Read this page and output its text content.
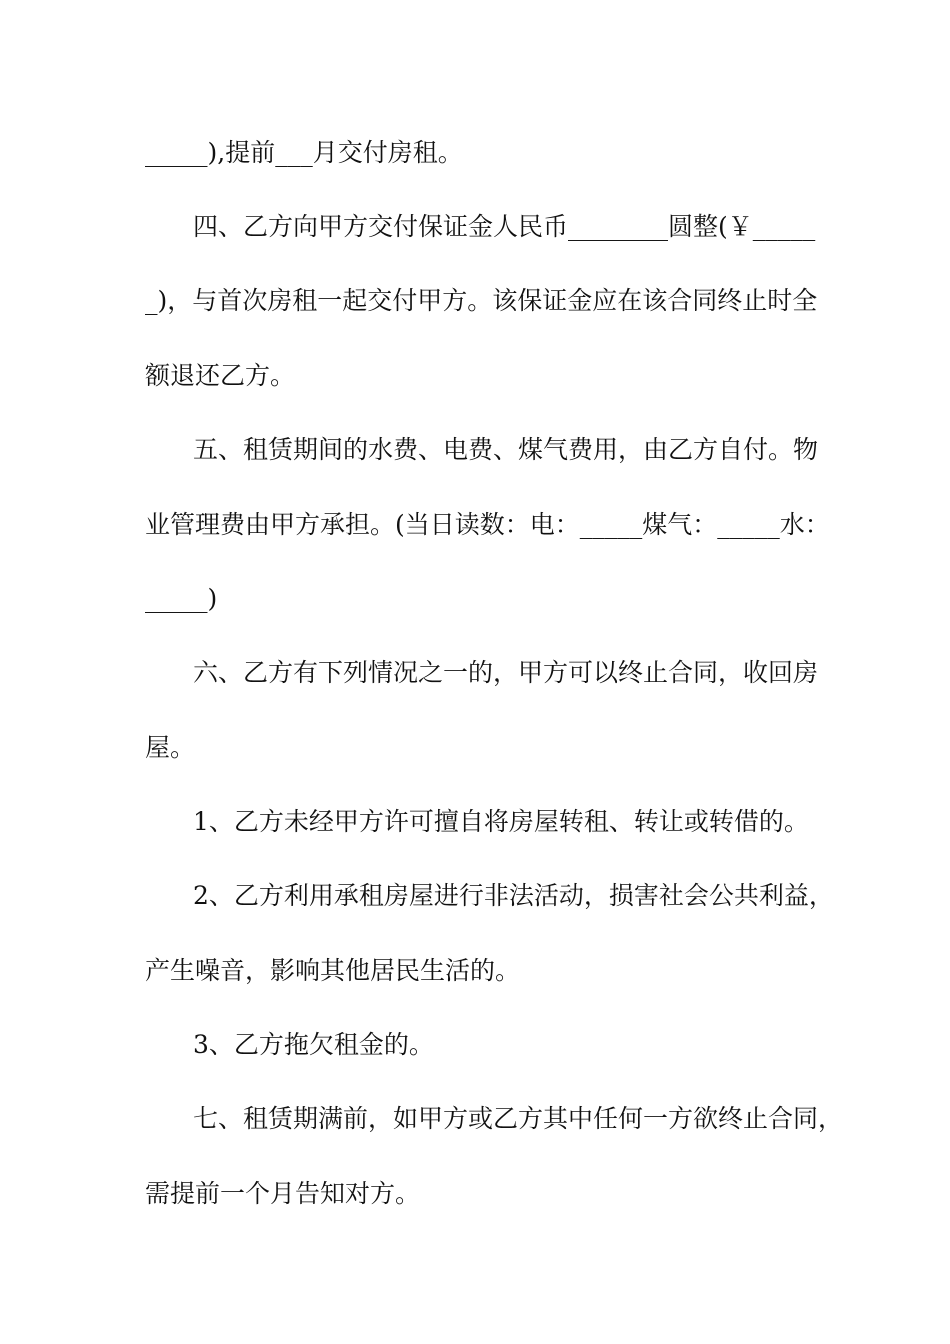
_____),提前___月交付房租。
四、乙方向甲方交付保证金人民币________圆整(￥_____
_)，与首次房租一起交付甲方。该保证金应在该合同终止时全
额退还乙方。
五、租赁期间的水费、电费、煤气费用，由乙方自付。物
业管理费由甲方承担。(当日读数：电：_____煤气：_____水：
_____)
六、乙方有下列情况之一的，甲方可以终止合同，收回房
屋。
1、乙方未经甲方许可擅自将房屋转租、转让或转借的。
2、乙方利用承租房屋进行非法活动，损害社会公共利益，
产生噪音，影响其他居民生活的。
3、乙方拖欠租金的。
七、租赁期满前，如甲方或乙方其中任何一方欲终止合同，
需提前一个月告知对方。
